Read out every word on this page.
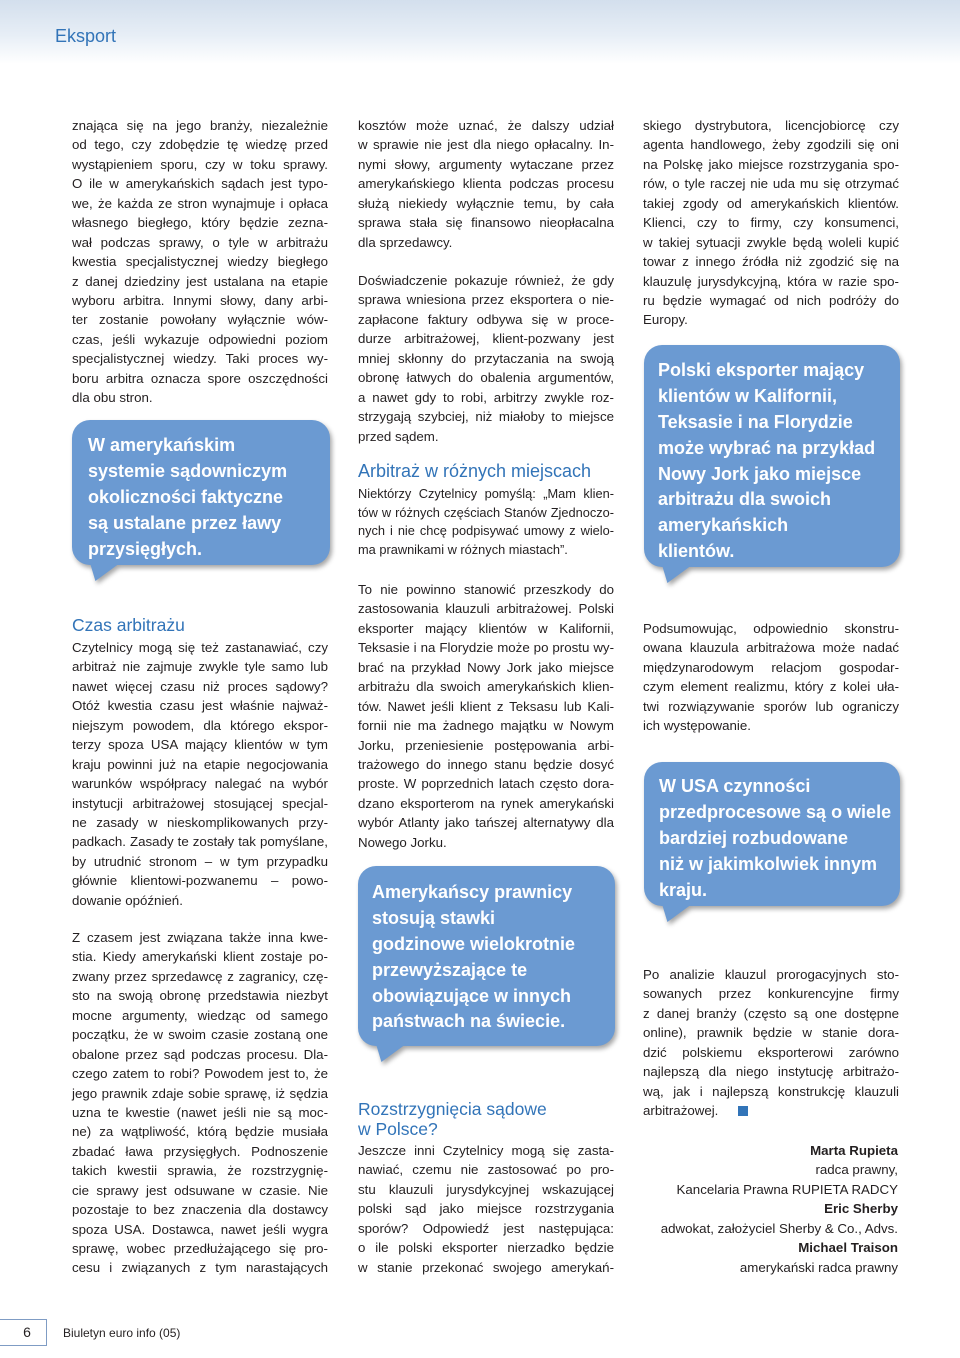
Eksport
znająca się na jego branży, niezależnie
od tego, czy zdobędzie tę wiedzę przed
wystąpieniem sporu, czy w toku sprawy.
O ile w amerykańskich sądach jest typo-
we, że każda ze stron wynajmuje i opłaca
własnego biegłego, który będzie zezna-
wał podczas sprawy, o tyle w arbitrażu
kwestia specjalistycznej wiedzy biegłego
z danej dziedziny jest ustalana na etapie
wyboru arbitra. Innymi słowy, dany arbi-
ter zostanie powołany wyłącznie wów-
czas, jeśli wykazuje odpowiedni poziom
specjalistycznej wiedzy. Taki proces wy-
boru arbitra oznacza spore oszczędności
dla obu stron.
W amerykańskim
systemie sądowniczym
okoliczności faktyczne
są ustalane przez ławy
przysięgłych.
Czas arbitrażu
Czytelnicy mogą się też zastanawiać, czy
arbitraż nie zajmuje zwykle tyle samo lub
nawet więcej czasu niż proces sądowy?
Otóż kwestia czasu jest właśnie najważ-
niejszym powodem, dla którego ekspor-
terzy spoza USA mający klientów w tym
kraju powinni już na etapie negocjowania
warunków współpracy nalegać na wybór
instytucji arbitrażowej stosującej specjal-
ne zasady w nieskomplikowanych przy-
padkach. Zasady te zostały tak pomyślane,
by utrudnić stronom – w tym przypadku
głównie klientowi-pozwanemu – powo-
dowanie opóźnień.
Z czasem jest związana także inna kwe-
stia. Kiedy amerykański klient zostaje po-
zwany przez sprzedawcę z zagranicy, czę-
sto na swoją obronę przedstawia niezbyt
mocne argumenty, wiedząc od samego
początku, że w swoim czasie zostaną one
obalone przez sąd podczas procesu. Dla-
czego zatem to robi? Powodem jest to, że
jego prawnik zdaje sobie sprawę, iż sędzia
uzna te kwestie (nawet jeśli nie są moc-
ne) za wątpliwość, którą będzie musiała
zbadać ława przysięgłych. Podnoszenie
takich kwestii sprawia, że rozstrzygnię-
cie sprawy jest odsuwane w czasie. Nie
pozostaje to bez znaczenia dla dostawcy
spoza USA. Dostawca, nawet jeśli wygra
sprawę, wobec przedłużającego się pro-
cesu i związanych z tym narastających
kosztów może uznać, że dalszy udział
w sprawie nie jest dla niego opłacalny. In-
nymi słowy, argumenty wytaczane przez
amerykańskiego klienta podczas procesu
służą niekiedy wyłącznie temu, by cała
sprawa stała się finansowo nieopłacalna
dla sprzedawcy.
Doświadczenie pokazuje również, że gdy
sprawa wniesiona przez eksportera o nie-
zapłacone faktury odbywa się w proce-
durze arbitrażowej, klient-pozwany jest
mniej skłonny do przytaczania na swoją
obronę łatwych do obalenia argumentów,
a nawet gdy to robi, arbitrzy zwykle roz-
strzygają szybciej, niż miałoby to miejsce
przed sądem.
Arbitraż w różnych miejscach
Niektórzy Czytelnicy pomyślą: „Mam klien-
tów w różnych częściach Stanów Zjednoczo-
nych i nie chcę podpisywać umowy z wielo-
ma prawnikami w różnych miastach”.
To nie powinno stanowić przeszkody do
zastosowania klauzuli arbitrażowej. Polski
eksporter mający klientów w Kalifornii,
Teksasie i na Florydzie może po prostu wy-
brać na przykład Nowy Jork jako miejsce
arbitrażu dla swoich amerykańskich klien-
tów. Nawet jeśli klient z Teksasu lub Kali-
fornii nie ma żadnego majątku w Nowym
Jorku, przeniesienie postępowania arbi-
trażowego do innego stanu będzie dosyć
proste. W poprzednich latach często dora-
dzano eksporterom na rynek amerykański
wybór Atlanty jako tańszej alternatywy dla
Nowego Jorku.
Amerykańscy prawnicy
stosują stawki
godzinowe wielokrotnie
przewyższające te
obowiązujące w innych
państwach na świecie.
Rozstrzygnięcia sądowe
w Polsce?
Jeszcze inni Czytelnicy mogą się zasta-
nawiać, czemu nie zastosować po pro-
stu klauzuli jurysdykcyjnej wskazującej
polski sąd jako miejsce rozstrzygania
sporów? Odpowiedź jest następująca:
o ile polski eksporter nierzadko będzie
w stanie przekonać swojego amerykań-
skiego dystrybutora, licencjobiorcę czy
agenta handlowego, żeby zgodzili się oni
na Polskę jako miejsce rozstrzygania spo-
rów, o tyle raczej nie uda mu się otrzymać
takiej zgody od amerykańskich klientów.
Klienci, czy to firmy, czy konsumenci,
w takiej sytuacji zwykle będą woleli kupić
towar z innego źródła niż zgodzić się na
klauzulę jurysdykcyjną, która w razie spo-
ru będzie wymagać od nich podróży do
Europy.
Polski eksporter mający
klientów w Kalifornii,
Teksasie i na Florydzie
może wybrać na przykład
Nowy Jork jako miejsce
arbitrażu dla swoich
amerykańskich
klientów.
Podsumowując, odpowiednio skonstru-
owana klauzula arbitrażowa może nadać
międzynarodowym relacjom gospodar-
czym element realizmu, który z kolei uła-
twi rozwiązywanie sporów lub ograniczy
ich występowanie.
W USA czynności
przedprocesowe są o wiele
bardziej rozbudowane
niż w jakimkolwiek innym
kraju.
Po analizie klauzul prorogacyjnych sto-
sowanych przez konkurencyjne firmy
z danej branży (często są one dostępne
online), prawnik będzie w stanie dora-
dzić polskiemu eksporterowi zarówno
najlepszą dla niego instytucję arbitrażo-
wą, jak i najlepszą konstrukcję klauzuli
arbitrażowej.
Marta Rupieta
radca prawny,
Kancelaria Prawna RUPIETA RADCY
Eric Sherby
adwokat, założyciel Sherby & Co., Advs.
Michael Traison
amerykański radca prawny
6	Biuletyn euro info (05)
